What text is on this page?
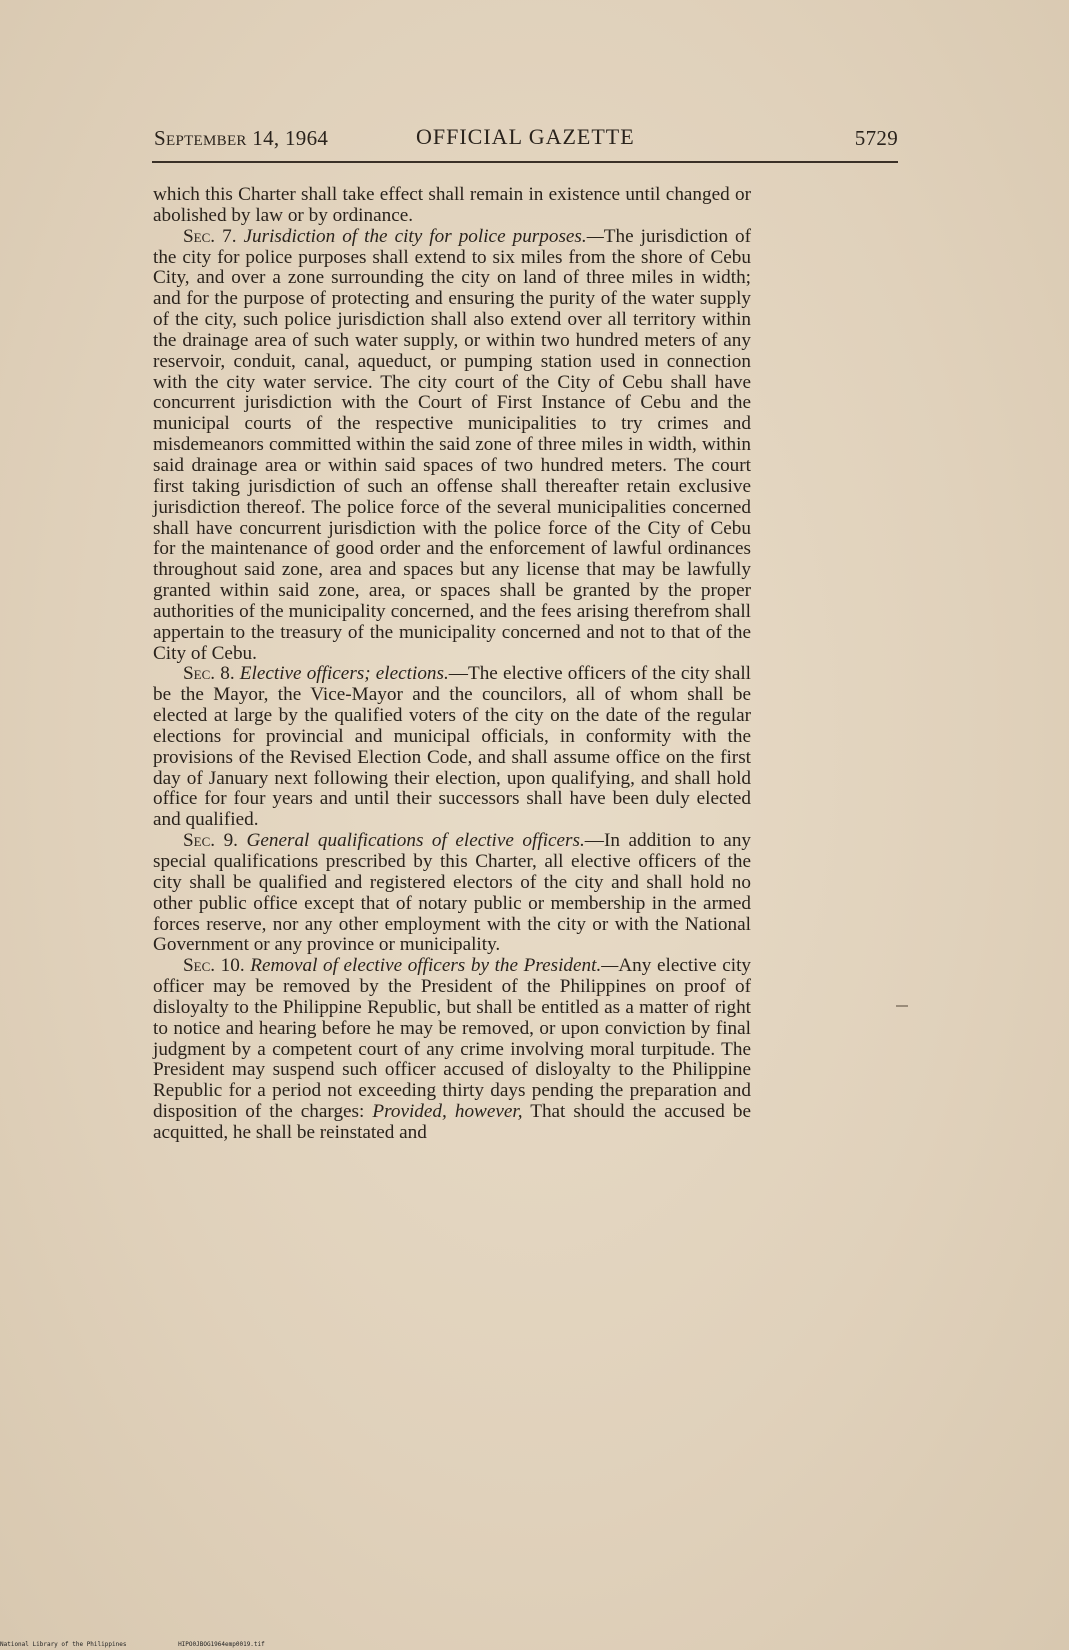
September 14, 1964	OFFICIAL GAZETTE	5729

which this Charter shall take effect shall remain in existence until changed or abolished by law or by ordinance.

Sec. 7. Jurisdiction of the city for police purposes.—The jurisdiction of the city for police purposes shall extend to six miles from the shore of Cebu City, and over a zone surrounding the city on land of three miles in width; and for the purpose of protecting and ensuring the purity of the water supply of the city, such police jurisdiction shall also extend over all territory within the drainage area of such water supply, or within two hundred meters of any reservoir, conduit, canal, aqueduct, or pumping station used in connection with the city water service. The city court of the City of Cebu shall have concurrent jurisdiction with the Court of First Instance of Cebu and the municipal courts of the respective municipalities to try crimes and misdemeanors committed within the said zone of three miles in width, within said drainage area or within said spaces of two hundred meters. The court first taking jurisdiction of such an offense shall thereafter retain exclusive jurisdiction thereof. The police force of the several municipalities concerned shall have concurrent jurisdiction with the police force of the City of Cebu for the maintenance of good order and the enforcement of lawful ordinances throughout said zone, area and spaces but any license that may be lawfully granted within said zone, area, or spaces shall be granted by the proper authorities of the municipality concerned, and the fees arising therefrom shall appertain to the treasury of the municipality concerned and not to that of the City of Cebu.

Sec. 8. Elective officers; elections.—The elective officers of the city shall be the Mayor, the Vice-Mayor and the councilors, all of whom shall be elected at large by the qualified voters of the city on the date of the regular elections for provincial and municipal officials, in conformity with the provisions of the Revised Election Code, and shall assume office on the first day of January next following their election, upon qualifying, and shall hold office for four years and until their successors shall have been duly elected and qualified.

Sec. 9. General qualifications of elective officers.—In addition to any special qualifications prescribed by this Charter, all elective officers of the city shall be qualified and registered electors of the city and shall hold no other public office except that of notary public or membership in the armed forces reserve, nor any other employment with the city or with the National Government or any province or municipality.

Sec. 10. Removal of elective officers by the President.—Any elective city officer may be removed by the President of the Philippines on proof of disloyalty to the Philippine Republic, but shall be entitled as a matter of right to notice and hearing before he may be removed, or upon conviction by final judgment by a competent court of any crime involving moral turpitude. The President may suspend such officer accused of disloyalty to the Philippine Republic for a period not exceeding thirty days pending the preparation and disposition of the charges: Provided, however, That should the accused be acquitted, he shall be reinstated and

National Library of the Philippines	HIPO0JBOG1964emp0019.tif
